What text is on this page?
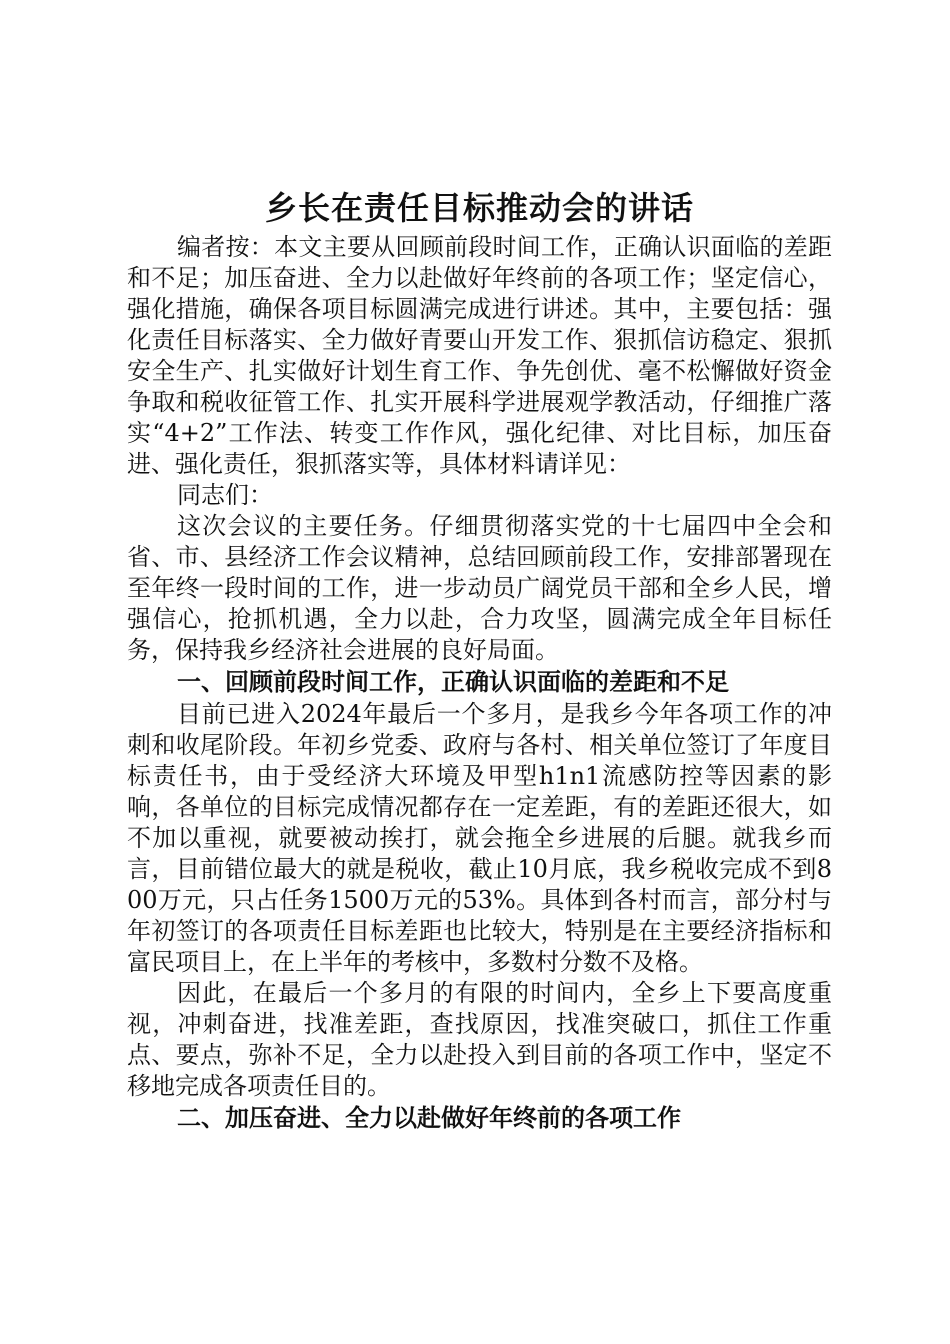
乡长在责任目标推动会的讲话

编者按：本文主要从回顾前段时间工作，正确认识面临的差距和不足；加压奋进、全力以赴做好年终前的各项工作；坚定信心，强化措施，确保各项目标圆满完成进行讲述。其中，主要包括：强化责任目标落实、全力做好青要山开发工作、狠抓信访稳定、狠抓安全生产、扎实做好计划生育工作、争先创优、毫不松懈做好资金争取和税收征管工作、扎实开展科学进展观学教活动，仔细推广落实“4+2”工作法、转变工作作风，强化纪律、对比目标，加压奋进、强化责任，狠抓落实等，具体材料请详见：

同志们：

这次会议的主要任务。仔细贯彻落实党的十七届四中全会和省、市、县经济工作会议精神，总结回顾前段工作，安排部署现在至年终一段时间的工作，进一步动员广阔党员干部和全乡人民，增强信心，抢抓机遇，全力以赴，合力攻坚，圆满完成全年目标任务，保持我乡经济社会进展的良好局面。

一、回顾前段时间工作，正确认识面临的差距和不足

目前已进入2024年最后一个多月，是我乡今年各项工作的冲刺和收尾阶段。年初乡党委、政府与各村、相关单位签订了年度目标责任书，由于受经济大环境及甲型h1n1流感防控等因素的影响，各单位的目标完成情况都存在一定差距，有的差距还很大，如不加以重视，就要被动挨打，就会拖全乡进展的后腿。就我乡而言，目前错位最大的就是税收，截止10月底，我乡税收完成不到800万元，只占任务1500万元的53%。具体到各村而言，部分村与年初签订的各项责任目标差距也比较大，特别是在主要经济指标和富民项目上，在上半年的考核中，多数村分数不及格。

因此，在最后一个多月的有限的时间内，全乡上下要高度重视，冲刺奋进，找准差距，查找原因，找准突破口，抓住工作重点、要点，弥补不足，全力以赴投入到目前的各项工作中，坚定不移地完成各项责任目的。

二、加压奋进、全力以赴做好年终前的各项工作
